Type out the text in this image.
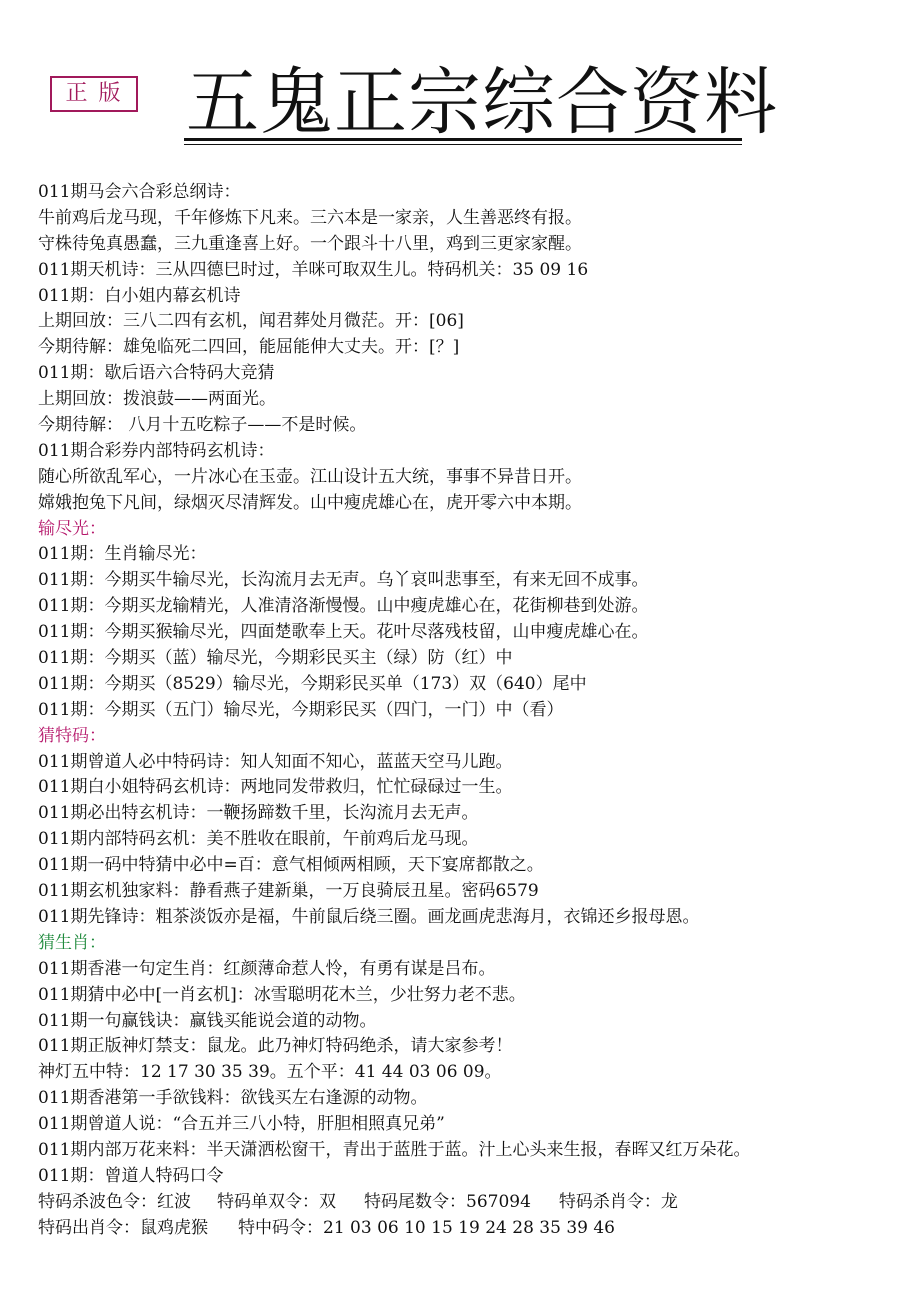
正 版 五鬼正宗综合资料
011期马会六合彩总纲诗：
牛前鸡后龙马现，千年修炼下凡来。三六本是一家亲，人生善恶终有报。
守株待兔真愚蠢，三九重逢喜上好。一个跟斗十八里，鸡到三更家家醒。
011期天机诗：三从四德巳时过，羊咪可取双生儿。特码机关：35 09 16
011期：白小姐内幕玄机诗
上期回放：三八二四有玄机，闻君葬处月微茫。开：[06]
今期待解：雄兔临死二四回，能屈能伸大丈夫。开：[？]
011期：歇后语六合特码大竞猜
上期回放：拨浪鼓——两面光。
今期待解： 八月十五吃粽子——不是时候。
011期合彩券内部特码玄机诗：
随心所欲乱军心，一片冰心在玉壶。江山设计五大统，事事不异昔日开。
嫦娥抱兔下凡间，绿烟灭尽清辉发。山中瘦虎雄心在，虎开零六中本期。
输尽光：
011期：生肖输尽光：
011期：今期买牛输尽光，长沟流月去无声。乌丫哀叫悲事至，有来无回不成事。
011期：今期买龙输精光，人准清洛渐慢慢。山中瘦虎雄心在，花街柳巷到处游。
011期：今期买猴输尽光，四面楚歌奉上天。花叶尽落残枝留，山申瘦虎雄心在。
011期：今期买（蓝）输尽光，今期彩民买主（绿）防（红）中
011期：今期买（8529）输尽光，今期彩民买单（173）双（640）尾中
011期：今期买（五门）输尽光，今期彩民买（四门，一门）中（看）
猜特码：
011期曾道人必中特码诗：知人知面不知心，蓝蓝天空马儿跑。
011期白小姐特码玄机诗：两地同发带救归，忙忙碌碌过一生。
011期必出特玄机诗：一鞭扬蹄数千里，长沟流月去无声。
011期内部特码玄机：美不胜收在眼前，午前鸡后龙马现。
011期一码中特猜中必中=百：意气相倾两相顾，天下宴席都散之。
011期玄机独家料：静看燕子建新巢，一万良骑辰丑星。密码6579
011期先锋诗：粗茶淡饭亦是福，牛前鼠后绕三圈。画龙画虎悲海月，衣锦还乡报母恩。
猜生肖：
011期香港一句定生肖：红颜薄命惹人怜，有勇有谋是吕布。
011期猜中必中[一肖玄机]：冰雪聪明花木兰，少壮努力老不悲。
011期一句赢钱诀：赢钱买能说会道的动物。
011期正版神灯禁支：鼠龙。此乃神灯特码绝杀，请大家参考！
神灯五中特：12 17 30 35 39。五个平：41 44 03 06 09。
011期香港第一手欲钱料：欲钱买左右逢源的动物。
011期曾道人说：“合五并三八小特，肝胆相照真兄弟”
011期内部万花来料：半天潇洒松窗干，青出于蓝胜于蓝。汁上心头来生报，春晖又红万朵花。
011期：曾道人特码口令
特码杀波色令：红波 特码单双令：双 特码尾数令：567094 特码杀肖令：龙
特码出肖令：鼠鸡虎猴 特中码令：21 03 06 10 15 19 24 28 35 39 46
